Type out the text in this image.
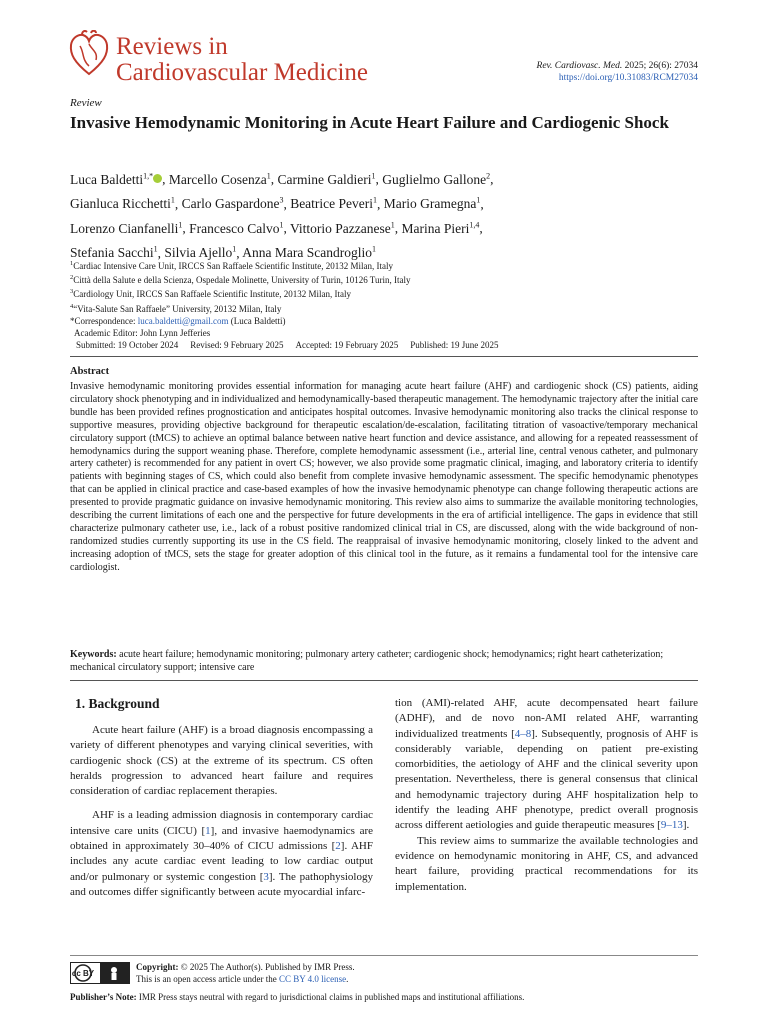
Reviews in
Cardiovascular Medicine	Rev. Cardiovasc. Med. 2025; 26(6): 27034
https://doi.org/10.31083/RCM27034
Review
Invasive Hemodynamic Monitoring in Acute Heart Failure and Cardiogenic Shock
Luca Baldetti$^{1,*}$ , Marcello Cosenza$^1$, Carmine Galdieri$^1$, Guglielmo Gallone$^2$,
Gianluca Ricchetti$^1$, Carlo Gaspardone$^3$, Beatrice Peveri$^1$, Mario Gramegna$^1$,
Lorenzo Cianfanelli$^1$, Francesco Calvo$^1$, Vittorio Pazzanese$^1$, Marina Pieri$^{1,4}$,
Stefania Sacchi$^1$, Silvia Ajello$^1$, Anna Mara Scandroglio$^1$
$^1$Cardiac Intensive Care Unit, IRCCS San Raffaele Scientific Institute, 20132 Milan, Italy
$^2$Città della Salute e della Scienza, Ospedale Molinette, University of Turin, 10126 Turin, Italy
$^3$Cardiology Unit, IRCCS San Raffaele Scientific Institute, 20132 Milan, Italy
$^4$“Vita-Salute San Raffaele” University, 20132 Milan, Italy
*Correspondence: luca.baldetti@gmail.com (Luca Baldetti)
Academic Editor: John Lynn Jefferies
Submitted: 19 October 2024 Revised: 9 February 2025 Accepted: 19 February 2025 Published: 19 June 2025
Abstract
Invasive hemodynamic monitoring provides essential information for managing acute heart failure (AHF) and cardiogenic shock (CS) patients, aiding circulatory shock phenotyping and in individualized and hemodynamically-based therapeutic management. The hemodynamic trajectory after the initial care bundle has been provided refines prognostication and anticipates hospital outcomes. Invasive hemodynamic monitoring also tracks the clinical response to supportive measures, providing objective background for therapeutic escalation/de-escalation, facilitating titration of vasoactive/temporary mechanical circulatory support (tMCS) to achieve an optimal balance between native heart function and device assistance, and allowing for a repeated reassessment of hemodynamics during the support weaning phase. Therefore, complete hemodynamic assessment (i.e., arterial line, central venous catheter, and pulmonary artery catheter) is recommended for any patient in overt CS; however, we also provide some pragmatic clinical, imaging, and laboratory criteria to identify patients with beginning stages of CS, which could also benefit from complete invasive hemodynamic assessment. The specific hemodynamic phenotypes that can be applied in clinical practice and case-based examples of how the invasive hemodynamic phenotype can change following therapeutic actions are presented to provide pragmatic guidance on invasive hemodynamic monitoring. This review also aims to summarize the available monitoring technologies, describing the current limitations of each one and the perspective for future developments in the era of artificial intelligence. The gaps in evidence that still characterize pulmonary catheter use, i.e., lack of a robust positive randomized clinical trial in CS, are discussed, along with the wide background of non-randomized studies currently supporting its use in the CS field. The reappraisal of invasive hemodynamic monitoring, closely linked to the advent and increasing adoption of tMCS, sets the stage for greater adoption of this clinical tool in the future, as it remains a fundamental tool for the intensive care cardiologist.
Keywords: acute heart failure; hemodynamic monitoring; pulmonary artery catheter; cardiogenic shock; hemodynamics; right heart catheterization; mechanical circulatory support; intensive care
1. Background

Acute heart failure (AHF) is a broad diagnosis encompassing a variety of different phenotypes and varying clinical severities, with cardiogenic shock (CS) at the extreme of its spectrum. CS often heralds progression to advanced heart failure and requires consideration of cardiac replacement therapies.

AHF is a leading admission diagnosis in contemporary cardiac intensive care units (CICU) [1], and invasive haemodynamics are obtained in approximately 30–40% of CICU admissions [2]. AHF includes any acute cardiac event leading to low cardiac output and/or pulmonary or systemic congestion [3]. The pathophysiology and outcomes differ significantly between acute myocardial infarc-

tion (AMI)-related AHF, acute decompensated heart failure (ADHF), and de novo non-AMI related AHF, warranting individualized treatments [4–8]. Subsequently, prognosis of AHF is considerably variable, depending on patient pre-existing comorbidities, the aetiology of AHF and the clinical severity upon presentation. Nevertheless, there is general consensus that clinical and hemodynamic trajectory during AHF hospitalization help to identify the leading AHF phenotype, predict overall prognosis across different aetiologies and guide therapeutic measures [9–13].

This review aims to summarize the available technologies and evidence on hemodynamic monitoring in AHF, CS, and advanced heart failure, providing practical recommendations for its implementation.

cc BY
Copyright: © 2025 The Author(s). Published by IMR Press.
This is an open access article under the CC BY 4.0 license.
Publisher’s Note: IMR Press stays neutral with regard to jurisdictional claims in published maps and institutional affiliations.
